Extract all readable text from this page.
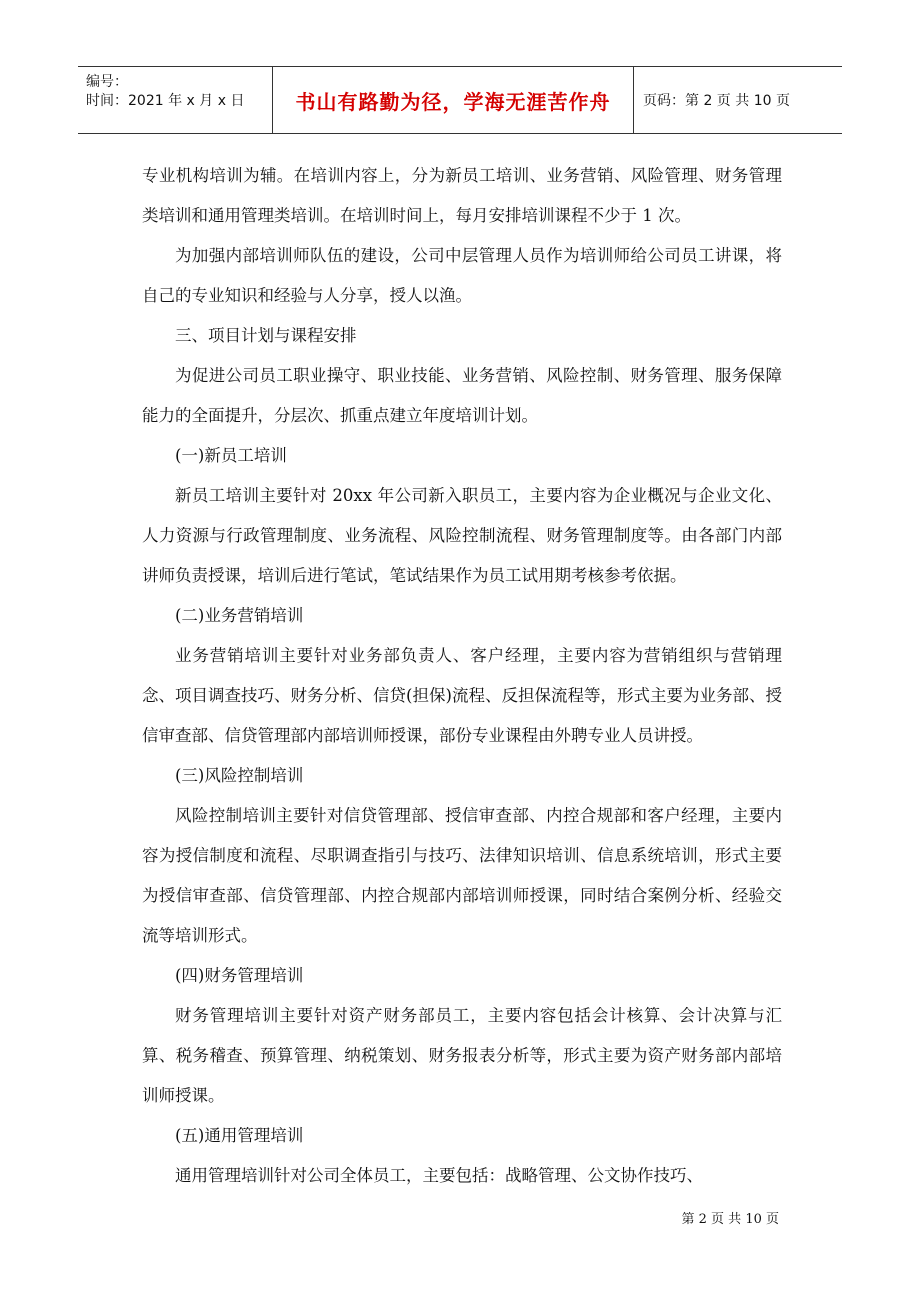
编号：
时间：2021 年 x 月 x 日	书山有路勤为径，学海无涯苦作舟	页码：第 2 页 共 10 页

专业机构培训为辅。在培训内容上，分为新员工培训、业务营销、风险管理、财务管理类培训和通用管理类培训。在培训时间上，每月安排培训课程不少于 1 次。

为加强内部培训师队伍的建设，公司中层管理人员作为培训师给公司员工讲课，将自己的专业知识和经验与人分享，授人以渔。

三、项目计划与课程安排

为促进公司员工职业操守、职业技能、业务营销、风险控制、财务管理、服务保障能力的全面提升，分层次、抓重点建立年度培训计划。

(一)新员工培训

新员工培训主要针对 20xx 年公司新入职员工，主要内容为企业概况与企业文化、人力资源与行政管理制度、业务流程、风险控制流程、财务管理制度等。由各部门内部讲师负责授课，培训后进行笔试，笔试结果作为员工试用期考核参考依据。

(二)业务营销培训

业务营销培训主要针对业务部负责人、客户经理，主要内容为营销组织与营销理念、项目调查技巧、财务分析、信贷(担保)流程、反担保流程等，形式主要为业务部、授信审查部、信贷管理部内部培训师授课，部份专业课程由外聘专业人员讲授。

(三)风险控制培训

风险控制培训主要针对信贷管理部、授信审查部、内控合规部和客户经理，主要内容为授信制度和流程、尽职调查指引与技巧、法律知识培训、信息系统培训，形式主要为授信审查部、信贷管理部、内控合规部内部培训师授课，同时结合案例分析、经验交流等培训形式。

(四)财务管理培训

财务管理培训主要针对资产财务部员工，主要内容包括会计核算、会计决算与汇算、税务稽查、预算管理、纳税策划、财务报表分析等，形式主要为资产财务部内部培训师授课。

(五)通用管理培训

通用管理培训针对公司全体员工，主要包括：战略管理、公文协作技巧、

第 2 页 共 10 页
